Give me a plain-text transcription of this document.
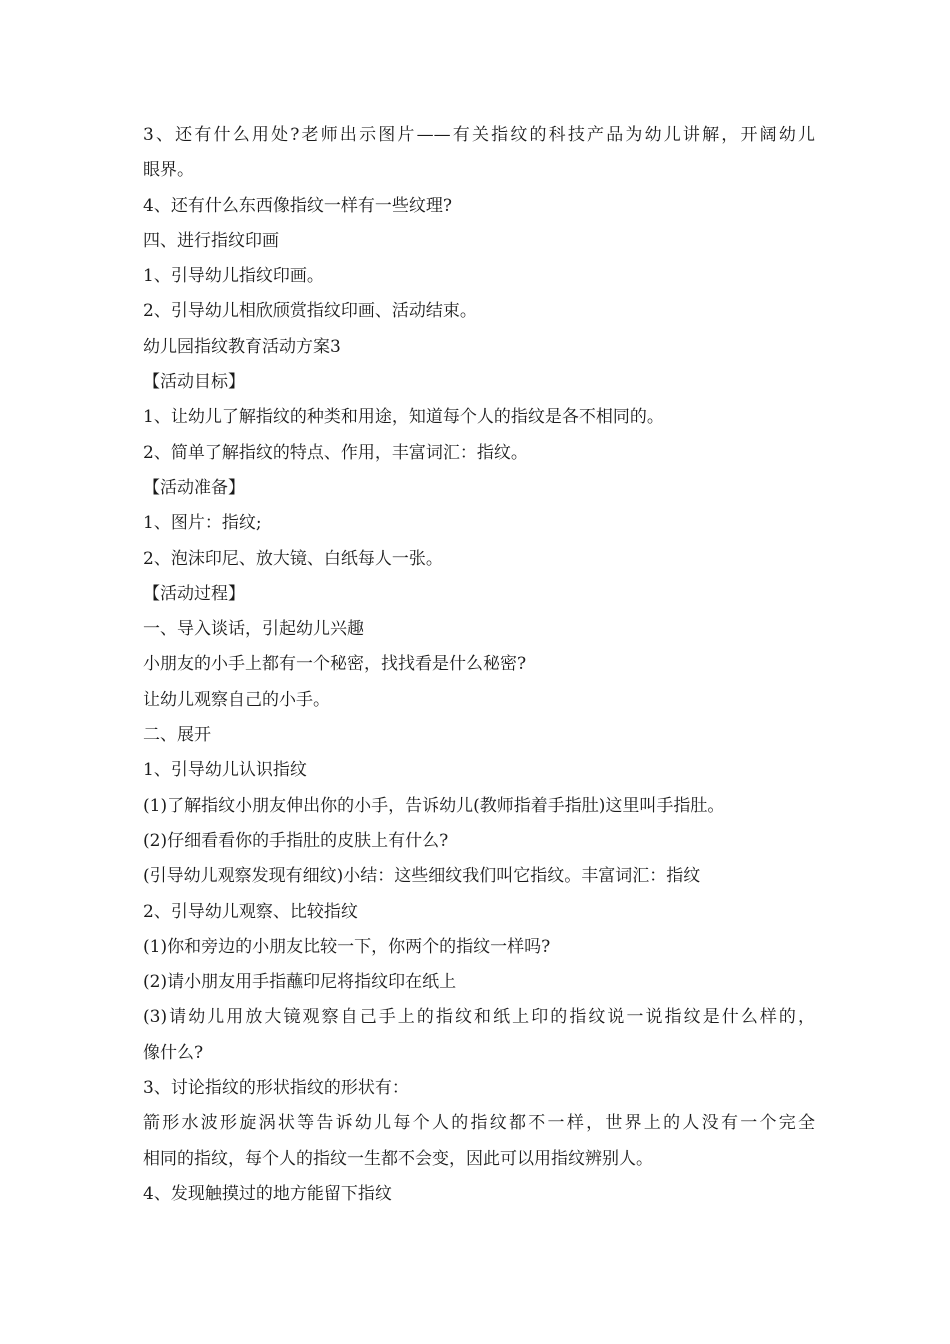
3、还有什么用处?老师出示图片——有关指纹的科技产品为幼儿讲解，开阔幼儿
眼界。
4、还有什么东西像指纹一样有一些纹理?
四、进行指纹印画
1、引导幼儿指纹印画。
2、引导幼儿相欣颀赏指纹印画、活动结束。
幼儿园指纹教育活动方案3
【活动目标】
1、让幼儿了解指纹的种类和用途，知道每个人的指纹是各不相同的。
2、简单了解指纹的特点、作用，丰富词汇：指纹。
【活动准备】
1、图片：指纹;
2、泡沫印尼、放大镜、白纸每人一张。
【活动过程】
一、导入谈话，引起幼儿兴趣
小朋友的小手上都有一个秘密，找找看是什么秘密?
让幼儿观察自己的小手。
二、展开
1、引导幼儿认识指纹
(1)了解指纹小朋友伸出你的小手，告诉幼儿(教师指着手指肚)这里叫手指肚。
(2)仔细看看你的手指肚的皮肤上有什么?
(引导幼儿观察发现有细纹)小结：这些细纹我们叫它指纹。丰富词汇：指纹
2、引导幼儿观察、比较指纹
(1)你和旁边的小朋友比较一下，你两个的指纹一样吗?
(2)请小朋友用手指蘸印尼将指纹印在纸上
(3)请幼儿用放大镜观察自己手上的指纹和纸上印的指纹说一说指纹是什么样的，
像什么?
3、讨论指纹的形状指纹的形状有：
箭形水波形旋涡状等告诉幼儿每个人的指纹都不一样，世界上的人没有一个完全
相同的指纹，每个人的指纹一生都不会变，因此可以用指纹辨别人。
4、发现触摸过的地方能留下指纹
